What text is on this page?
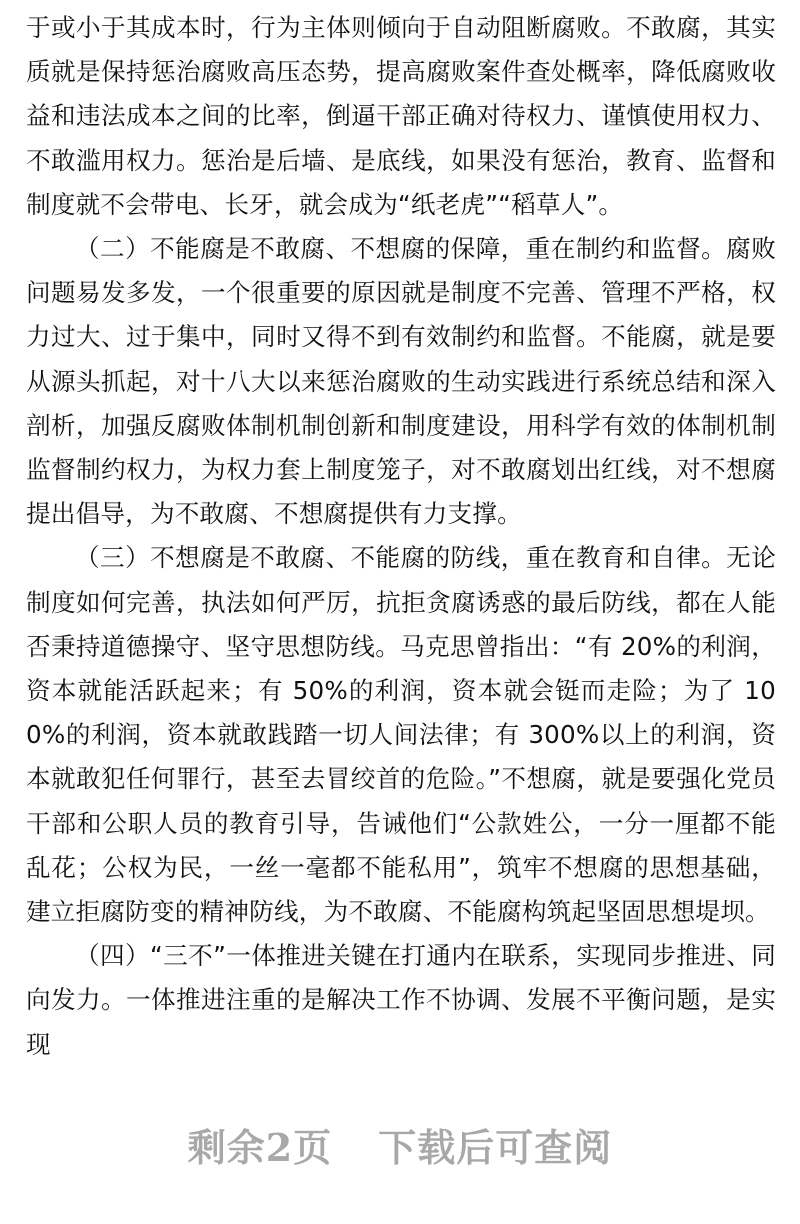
于或小于其成本时，行为主体则倾向于自动阻断腐败。不敢腐，其实质就是保持惩治腐败高压态势，提高腐败案件查处概率，降低腐败收益和违法成本之间的比率，倒逼干部正确对待权力、谨慎使用权力、不敢滥用权力。惩治是后墙、是底线，如果没有惩治，教育、监督和制度就不会带电、长牙，就会成为“纸老虎”“稻草人”。

（二）不能腐是不敢腐、不想腐的保障，重在制约和监督。腐败问题易发多发，一个很重要的原因就是制度不完善、管理不严格，权力过大、过于集中，同时又得不到有效制约和监督。不能腐，就是要从源头抓起，对十八大以来惩治腐败的生动实践进行系统总结和深入剖析，加强反腐败体制机制创新和制度建设，用科学有效的体制机制监督制约权力，为权力套上制度笼子，对不敢腐划出红线，对不想腐提出倡导，为不敢腐、不想腐提供有力支撑。

（三）不想腐是不敢腐、不能腐的防线，重在教育和自律。无论制度如何完善，执法如何严厉，抗拒贪腐诱惑的最后防线，都在人能否秉持道德操守、坚守思想防线。马克思曾指出：“有 20%的利润，资本就能活跃起来；有 50%的利润，资本就会铤而走险；为了 100%的利润，资本就敢践踏一切人间法律；有 300%以上的利润，资本就敢犯任何罪行，甚至去冒绞首的危险。”不想腐，就是要强化党员干部和公职人员的教育引导，告诫他们“公款姓公，一分一厘都不能乱花；公权为民，一丝一毫都不能私用”，筑牢不想腐的思想基础，建立拒腐防变的精神防线，为不敢腐、不能腐构筑起坚固思想堤坝。

（四）“三不”一体推进关键在打通内在联系，实现同步推进、同向发力。一体推进注重的是解决工作不协调、发展不平衡问题，是实现

剩余2页 下载后可查阅
